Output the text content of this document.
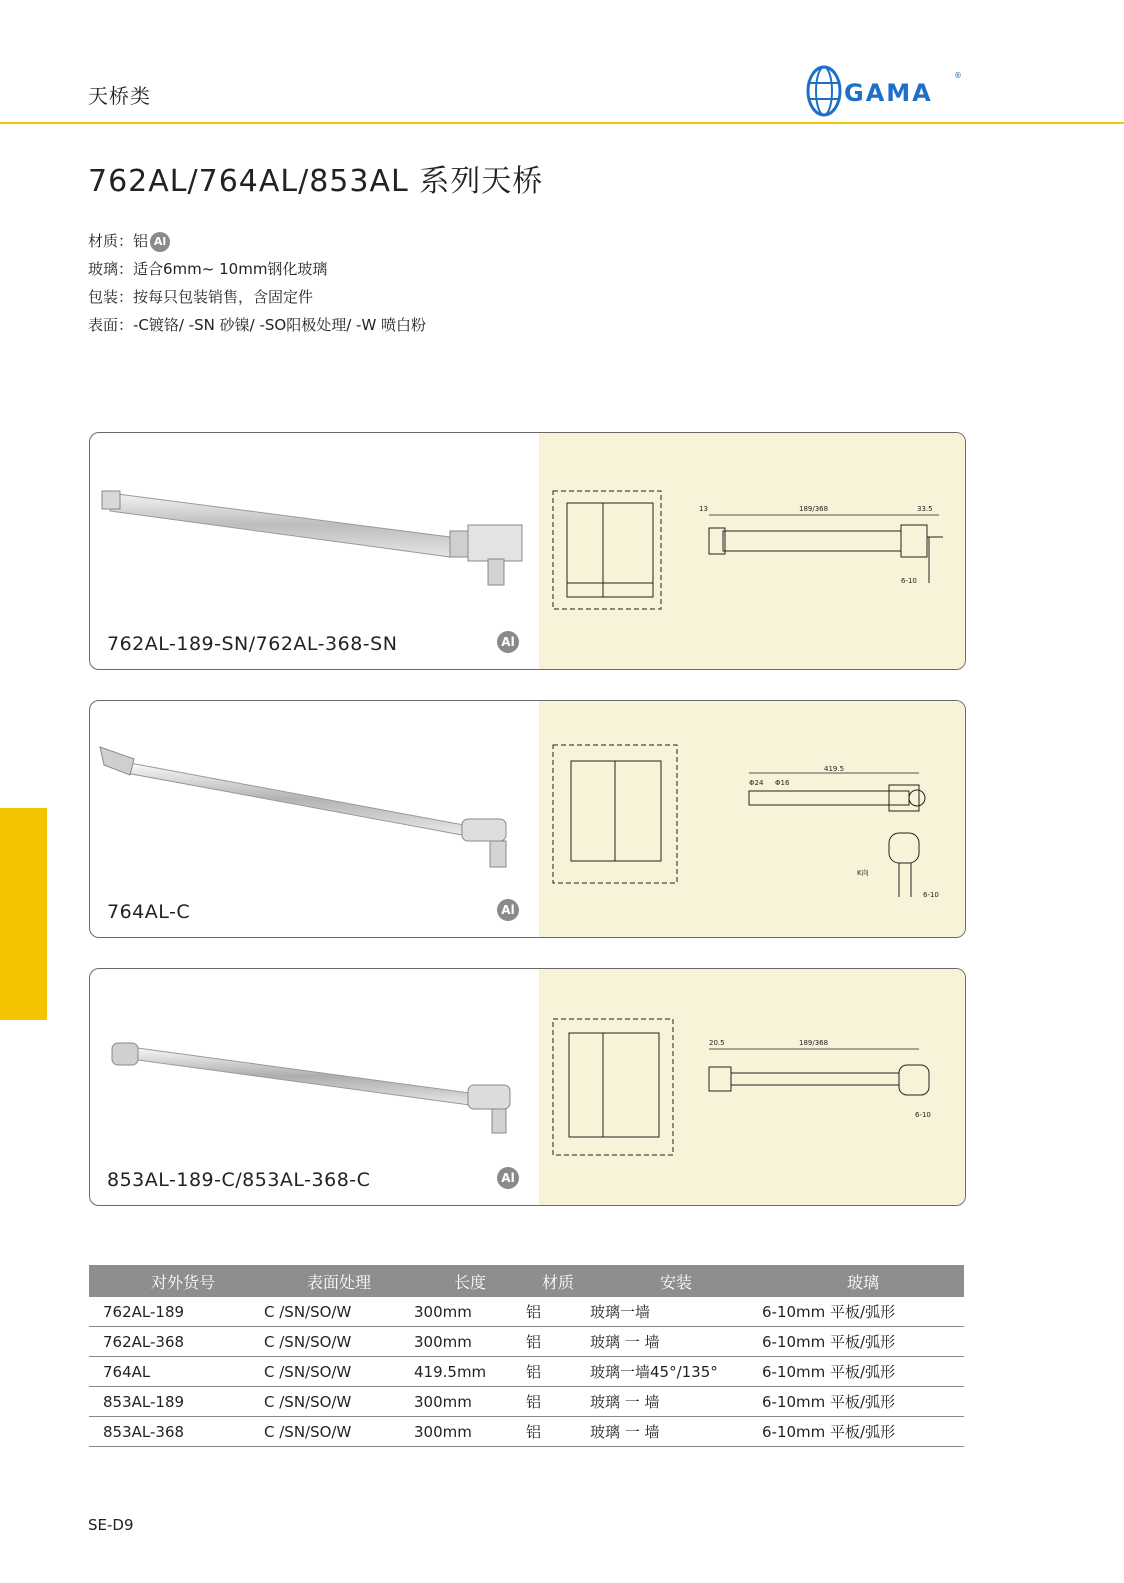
天桥类	GAMA
®
762AL/764AL/853AL 系列天桥
材质：铝 Al
玻璃：适合6mm~ 10mm钢化玻璃
包装：按每只包装销售，含固定件
表面：-C镀铬/ -SN 砂镍/ -SO阳极处理/ -W 喷白粉
13	189/368	33.5
6-10
762AL-189-SN/762AL-368-SN	Al
419.5
Φ24 Φ16
K向
6-10
764AL-C	Al
20.5	189/368
6-10
853AL-189-C/853AL-368-C	Al
对外货号	表面处理	长度	材质	安装	玻璃
762AL-189	C /SN/SO/W	300mm	铝	玻璃一墙	6-10mm 平板/弧形
762AL-368	C /SN/SO/W	300mm	铝	玻璃 一 墙	6-10mm 平板/弧形
764AL	C /SN/SO/W	419.5mm	铝	玻璃一墙45°/135°	6-10mm 平板/弧形
853AL-189	C /SN/SO/W	300mm	铝	玻璃 一 墙	6-10mm 平板/弧形
853AL-368	C /SN/SO/W	300mm	铝	玻璃 一 墙	6-10mm 平板/弧形
SE-D9
